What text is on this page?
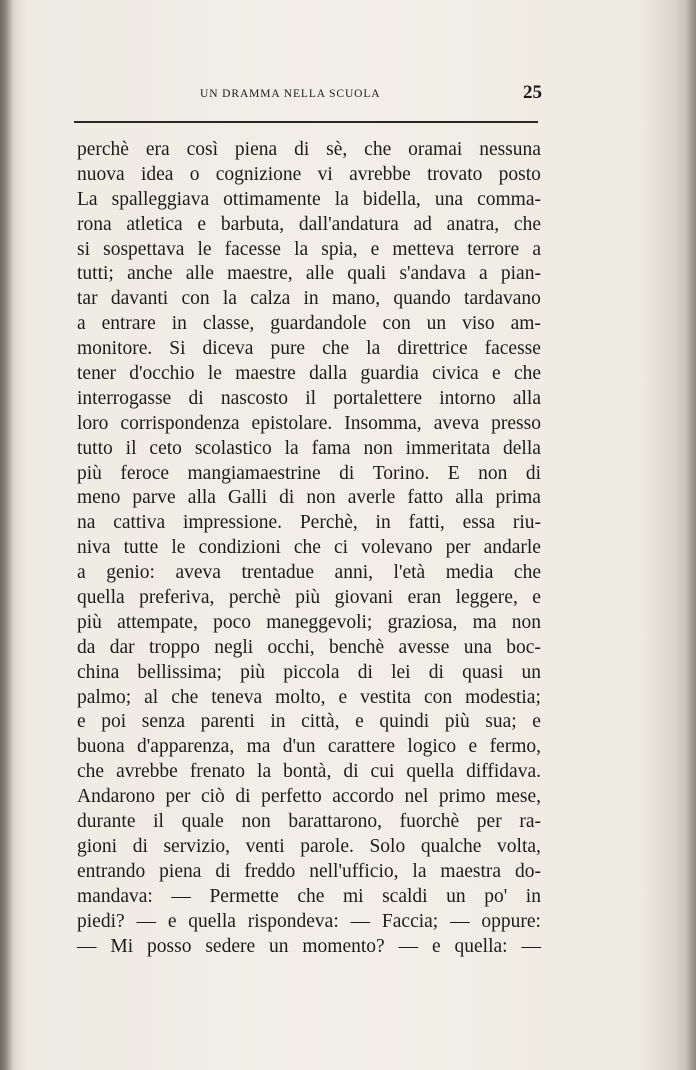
UN DRAMMA NELLA SCUOLA	25
perchè era così piena di sè, che oramai nessuna
nuova idea o cognizione vi avrebbe trovato posto
La spalleggiava ottimamente la bidella, una comma-
rona atletica e barbuta, dall'andatura ad anatra, che
si sospettava le facesse la spia, e metteva terrore a
tutti; anche alle maestre, alle quali s'andava a pian-
tar davanti con la calza in mano, quando tardavano
a entrare in classe, guardandole con un viso am-
monitore. Si diceva pure che la direttrice facesse
tener d'occhio le maestre dalla guardia civica e che
interrogasse di nascosto il portalettere intorno alla
loro corrispondenza epistolare. Insomma, aveva presso
tutto il ceto scolastico la fama non immeritata della
più feroce mangiamaestrine di Torino. E non di
meno parve alla Galli di non averle fatto alla prima
na cattiva impressione. Perchè, in fatti, essa riu-
niva tutte le condizioni che ci volevano per andarle
a genio: aveva trentadue anni, l'età media che
quella preferiva, perchè più giovani eran leggere, e
più attempate, poco maneggevoli; graziosa, ma non
da dar troppo negli occhi, benchè avesse una boc-
china bellissima; più piccola di lei di quasi un
palmo; al che teneva molto, e vestita con modestia;
e poi senza parenti in città, e quindi più sua; e
buona d'apparenza, ma d'un carattere logico e fermo,
che avrebbe frenato la bontà, di cui quella diffidava.
Andarono per ciò di perfetto accordo nel primo mese,
durante il quale non barattarono, fuorchè per ra-
gioni di servizio, venti parole. Solo qualche volta,
entrando piena di freddo nell'ufficio, la maestra do-
mandava: — Permette che mi scaldi un po' in
piedi? — e quella rispondeva: — Faccia; — oppure:
— Mi posso sedere un momento? — e quella: —
